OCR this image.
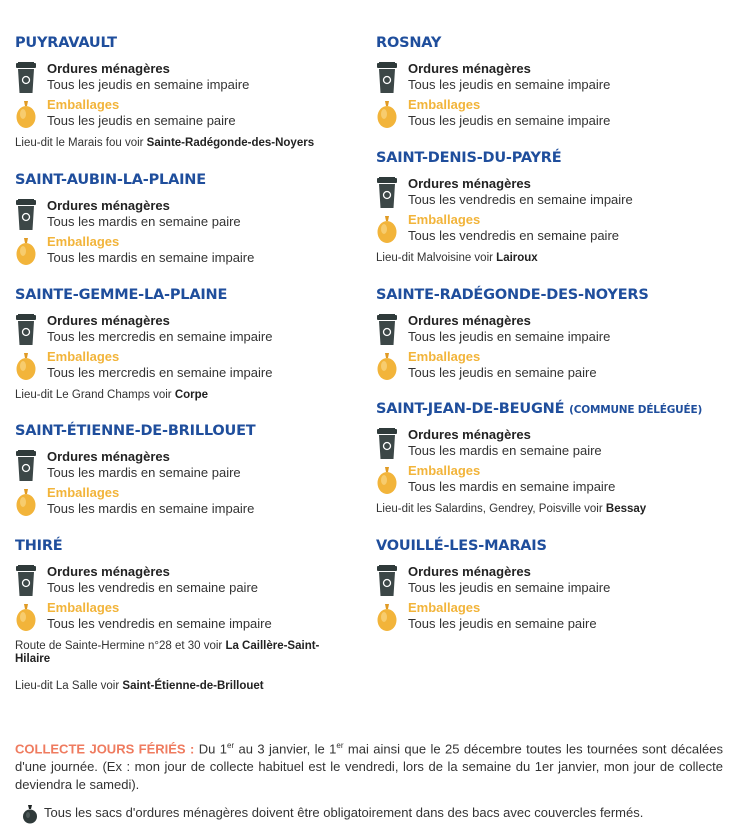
PUYRAVAULT
Ordures ménagères
Tous les jeudis en semaine impaire
Emballages
Tous les jeudis en semaine paire
Lieu-dit le Marais fou voir Sainte-Radégonde-des-Noyers
SAINT-AUBIN-LA-PLAINE
Ordures ménagères
Tous les mardis en semaine paire
Emballages
Tous les mardis en semaine impaire
SAINTE-GEMME-LA-PLAINE
Ordures ménagères
Tous les mercredis en semaine impaire
Emballages
Tous les mercredis en semaine impaire
Lieu-dit Le Grand Champs voir Corpe
SAINT-ÉTIENNE-DE-BRILLOUET
Ordures ménagères
Tous les mardis en semaine paire
Emballages
Tous les mardis en semaine impaire
THIRÉ
Ordures ménagères
Tous les vendredis en semaine paire
Emballages
Tous les vendredis en semaine impaire
Route de Sainte-Hermine n°28 et 30 voir La Caillère-Saint-Hilaire
Lieu-dit La Salle voir Saint-Étienne-de-Brillouet
ROSNAY
Ordures ménagères
Tous les jeudis en semaine impaire
Emballages
Tous les jeudis en semaine impaire
SAINT-DENIS-DU-PAYRÉ
Ordures ménagères
Tous les vendredis en semaine impaire
Emballages
Tous les vendredis en semaine paire
Lieu-dit Malvoisine voir Lairoux
SAINTE-RADÉGONDE-DES-NOYERS
Ordures ménagères
Tous les jeudis en semaine impaire
Emballages
Tous les jeudis en semaine paire
SAINT-JEAN-DE-BEUGNÉ (COMMUNE DÉLÉGUÉE)
Ordures ménagères
Tous les mardis en semaine paire
Emballages
Tous les mardis en semaine impaire
Lieu-dit les Salardins, Gendrey, Poisville voir Bessay
VOUILLÉ-LES-MARAIS
Ordures ménagères
Tous les jeudis en semaine impaire
Emballages
Tous les jeudis en semaine paire
COLLECTE JOURS FÉRIÉS : Du 1er au 3 janvier, le 1er mai ainsi que le 25 décembre toutes les tournées sont décalées d'une journée. (Ex : mon jour de collecte habituel est le vendredi, lors de la semaine du 1er janvier, mon jour de collecte deviendra le samedi).
Tous les sacs d'ordures ménagères doivent être obligatoirement dans des bacs avec couvercles fermés.
